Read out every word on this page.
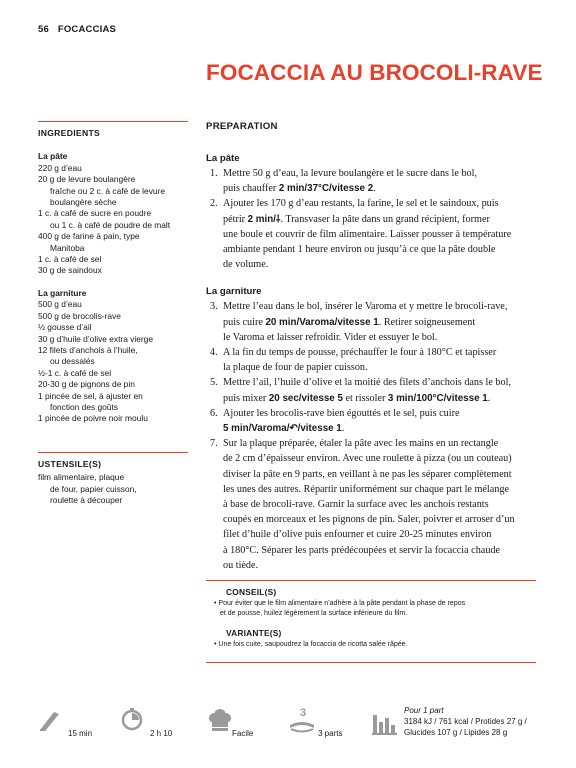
56 FOCACCIAS
FOCACCIA AU BROCOLI-RAVE
INGREDIENTS
La pâte
220 g d’eau
20 g de levure boulangère
fraîche ou 2 c. à café de levure
boulangère sèche
1 c. à café de sucre en poudre
ou 1 c. à café de poudre de malt
400 g de farine à pain, type
Manitoba
1 c. à café de sel
30 g de saindoux
La garniture
500 g d’eau
500 g de brocolis-rave
½ gousse d’ail
30 g d’huile d’olive extra vierge
12 filets d’anchois à l’huile,
ou dessalés
½-1 c. à café de sel
20-30 g de pignons de pin
1 pincée de sel, à ajuster en
fonction des goûts
1 pincée de poivre noir moulu
USTENSILE(S)
film alimentaire, plaque
de four, papier cuisson,
roulette à découper
PREPARATION
La pâte
1. Mettre 50 g d’eau, la levure boulangère et le sucre dans le bol,
puis chauffer 2 min/37°C/vitesse 2.
2. Ajouter les 170 g d’eau restants, la farine, le sel et le saindoux, puis
pétrir 2 min/⸸. Transvaser la pâte dans un grand récipient, former
une boule et couvrir de film alimentaire. Laisser pousser à température
ambiante pendant 1 heure environ ou jusqu’à ce que la pâte double
de volume.
La garniture
3. Mettre l’eau dans le bol, insérer le Varoma et y mettre le brocoli-rave,
puis cuire 20 min/Varoma/vitesse 1. Retirer soigneusement
le Varoma et laisser refroidir. Vider et essuyer le bol.
4. A la fin du temps de pousse, préchauffer le four à 180°C et tapisser
la plaque de four de papier cuisson.
5. Mettre l’ail, l’huile d’olive et la moitié des filets d’anchois dans le bol,
puis mixer 20 sec/vitesse 5 et rissoler 3 min/100°C/vitesse 1.
6. Ajouter les brocolis-rave bien égouttés et le sel, puis cuire
5 min/Varoma/↶/vitesse 1.
7. Sur la plaque préparée, étaler la pâte avec les mains en un rectangle
de 2 cm d’épaisseur environ. Avec une roulette à pizza (ou un couteau)
diviser la pâte en 9 parts, en veillant à ne pas les séparer complètement
les unes des autres. Répartir uniformément sur chaque part le mélange
à base de brocoli-rave. Garnir la surface avec les anchois restants
coupés en morceaux et les pignons de pin. Saler, poivrer et arroser d’un
filet d’huile d’olive puis enfourner et cuire 20-25 minutes environ
à 180°C. Séparer les parts prédécoupées et servir la focaccia chaude
ou tiède.
CONSEIL(S)
• Pour éviter que le film alimentaire n’adhère à la pâte pendant la phase de repos
et de pousse, huilez légèrement la surface inférieure du film.
VARIANTE(S)
• Une fois cuite, saupoudrez la focaccia de ricotta salée râpée.
15 min	2 h 10	Facile
3
3 parts
Pour 1 part
3184 kJ / 761 kcal / Protides 27 g /
Glucides 107 g / Lipides 28 g
